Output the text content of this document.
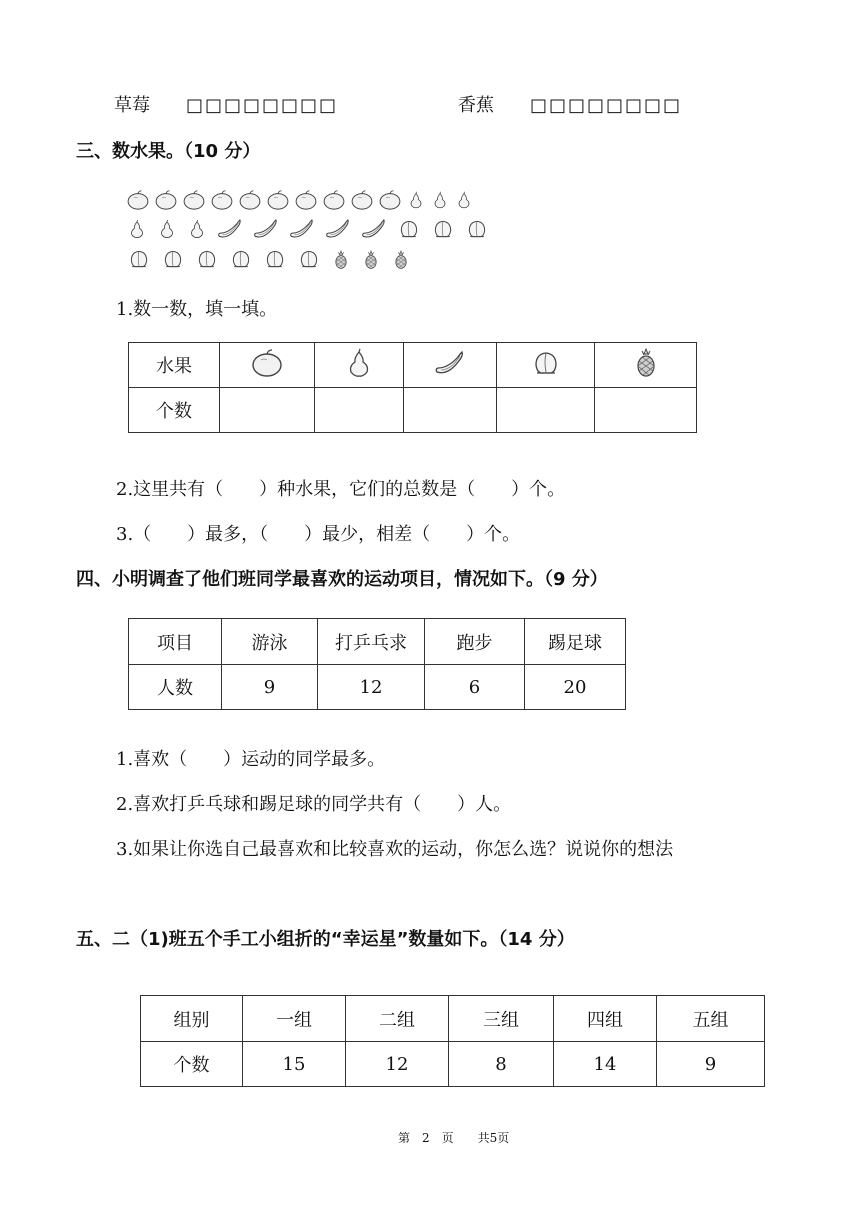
草莓 □□□□□□□□	香蕉 □□□□□□□□
三、数水果。（10 分）
1.数一数，填一填。
水果					
个数					
2.这里共有（　　）种水果，它们的总数是（　　）个。
3.（　　）最多，（　　）最少，相差（　　）个。
四、小明调查了他们班同学最喜欢的运动项目，情况如下。（9 分）
项目	游泳	打乒乓求	跑步	踢足球
人数	9	12	6	20
1.喜欢（　　）运动的同学最多。
2.喜欢打乒乓球和踢足球的同学共有（　　）人。
3.如果让你选自己最喜欢和比较喜欢的运动，你怎么选？说说你的想法
五、二（1)班五个手工小组折的“幸运星”数量如下。（14 分）
组别	一组	二组	三组	四组	五组
个数	15	12	8	14	9
第　2　页　　共5页
